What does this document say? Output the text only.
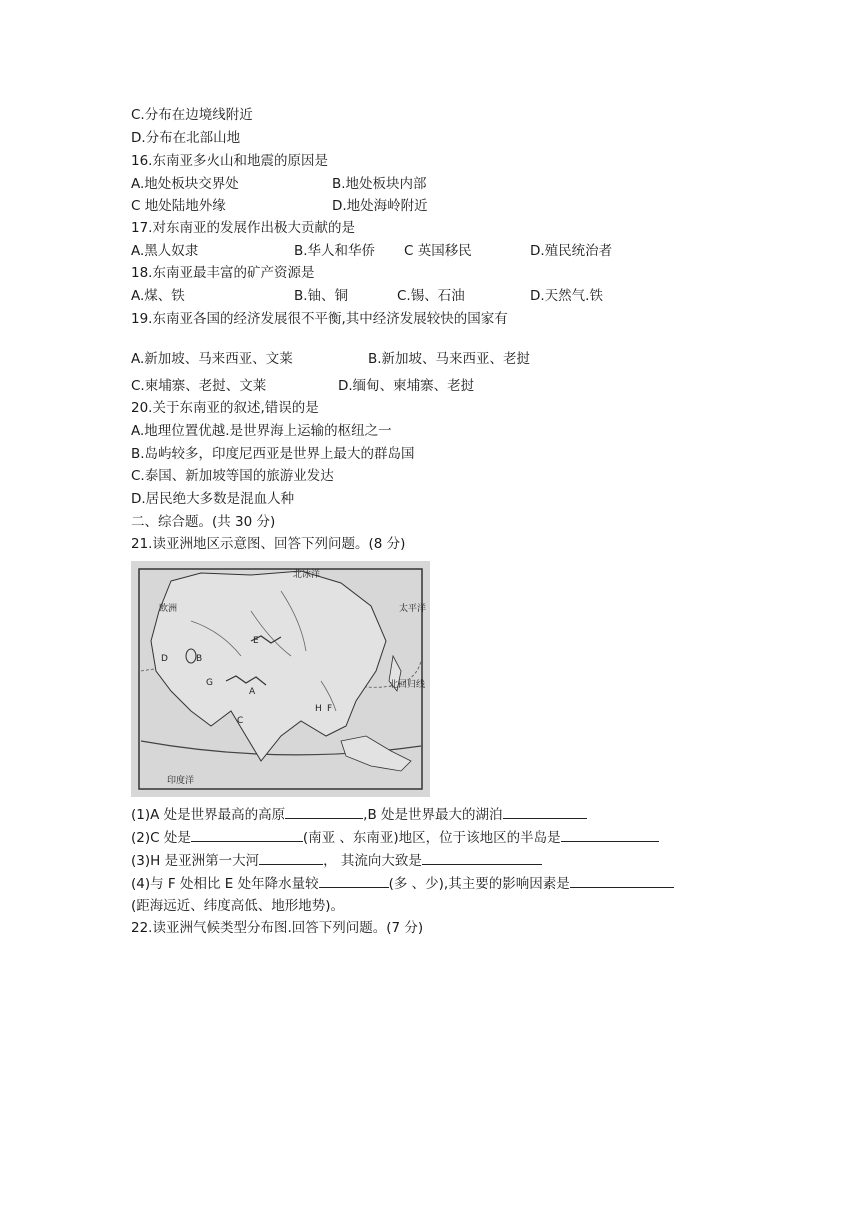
C.分布在边境线附近
D.分布在北部山地
16.东南亚多火山和地震的原因是
A.地处板块交界处	B.地处板块内部
C 地处陆地外缘	D.地处海岭附近
17.对东南亚的发展作出极大贡献的是
A.黑人奴隶	B.华人和华侨 C 英国移民	D.殖民统治者
18.东南亚最丰富的矿产资源是
A.煤、铁	B.铀、铜	C.锡、石油	D.天然气.铁
19.东南亚各国的经济发展很不平衡,其中经济发展较快的国家有
A.新加坡、马来西亚、文莱	B.新加坡、马来西亚、老挝
C.柬埔寨、老挝、文莱	D.缅甸、柬埔寨、老挝
20.关于东南亚的叙述,错误的是
A.地理位置优越.是世界海上运输的枢纽之一
B.岛屿较多，印度尼西亚是世界上最大的群岛国
C.泰国、新加坡等国的旅游业发达
D.居民绝大多数是混血人种
二、综合题。(共 30 分)
21.读亚洲地区示意图、回答下列问题。(8 分)
欧洲
北冰洋
太平洋
印度洋
北回归线
A
B
C
D
E
F
G
H
(1)A 处是世界最高的高原	,B 处是世界最大的湖泊
(2)C 处是	(南亚 、东南亚)地区，位于该地区的半岛是
(3)H 是亚洲第一大河	， 其流向大致是
(4)与 F 处相比 E 处年降水量较	(多 、少),其主要的影响因素是
(距海远近、纬度高低、地形地势)。
22.读亚洲气候类型分布图.回答下列问题。(7 分)
